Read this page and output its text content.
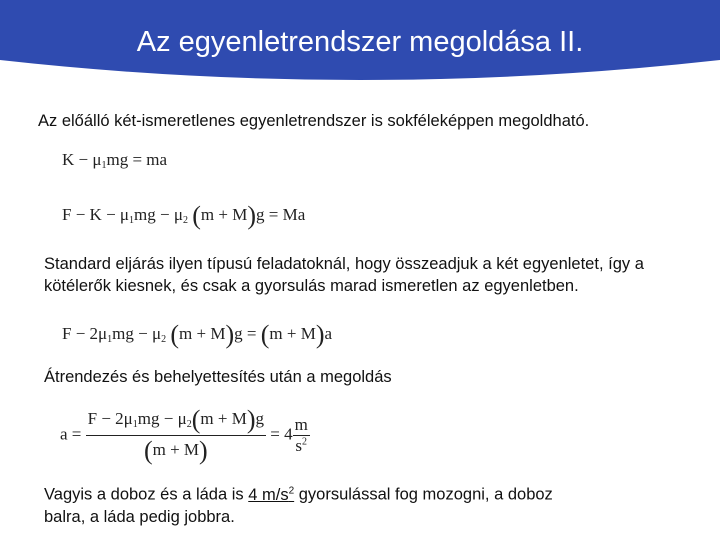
Az egyenletrendszer megoldása II.
Az előálló két-ismeretlenes egyenletrendszer is sokféleképpen megoldható.
$K - \mu_1mg$ = ma
$F - K - \mu_1mg - \mu_2$ (m + M)g = Ma
Standard eljárás ilyen típusú feladatoknál, hogy összeadjuk a két egyenletet, így a kötélerők kiesnek, és csak a gyorsulás marad ismeretlen az egyenletben.
$F - 2\mu_1mg - \mu_2$ (m + M)g = (m + M)a
Átrendezés és behelyettesítés után a megoldás
$a = \frac{F - 2\mu_1mg - \mu_2(m + M)g}{(m + M)} = 4 \frac{m}{s^2}$
Vagyis a doboz és a láda is 4 $m/s^2$ gyorsulással fog mozogni, a doboz
balra, a láda pedig jobbra.
